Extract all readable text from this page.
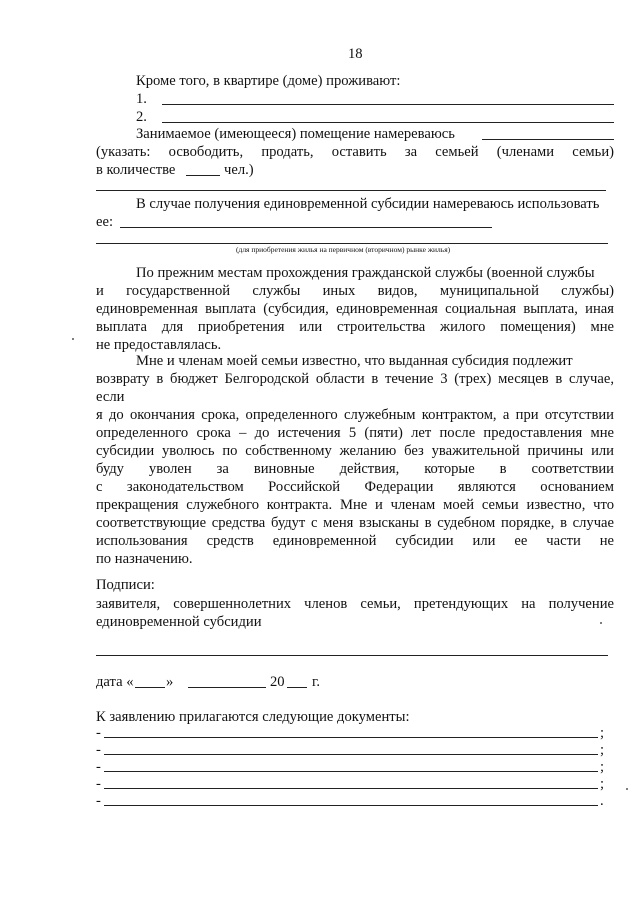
18
Кроме того, в квартире (доме) проживают:
1.
2.
Занимаемое (имеющееся) помещение намереваюсь
(указать: освободить, продать, оставить за семьей (членами семьи)
в количестве	чел.)
В случае получения единовременной субсидии намереваюсь использовать
ее:
(для приобретения жилья на первичном (вторичном) рынке жилья)
По прежним местам прохождения гражданской службы (военной службы
и государственной службы иных видов, муниципальной службы)
единовременная выплата (субсидия, единовременная социальная выплата, иная
выплата для приобретения или строительства жилого помещения) мне
не предоставлялась.
Мне и членам моей семьи известно, что выданная субсидия подлежит
возврату в бюджет Белгородской области в течение 3 (трех) месяцев в случае,
если
я до окончания срока, определенного служебным контрактом, а при отсутствии
определенного срока – до истечения 5 (пяти) лет после предоставления мне
субсидии уволюсь по собственному желанию без уважительной причины или
буду уволен за виновные действия, которые в соответствии
с законодательством Российской Федерации являются основанием
прекращения служебного контракта. Мне и членам моей семьи известно, что
соответствующие средства будут с меня взысканы в судебном порядке, в случае
использования средств единовременной субсидии или ее части не
по назначению.
Подписи:
заявителя, совершеннолетних членов семьи, претендующих на получение
единовременной субсидии
дата « »	20 г.
К заявлению прилагаются следующие документы:
-	;
-	;
-	;
-	;
-	.
